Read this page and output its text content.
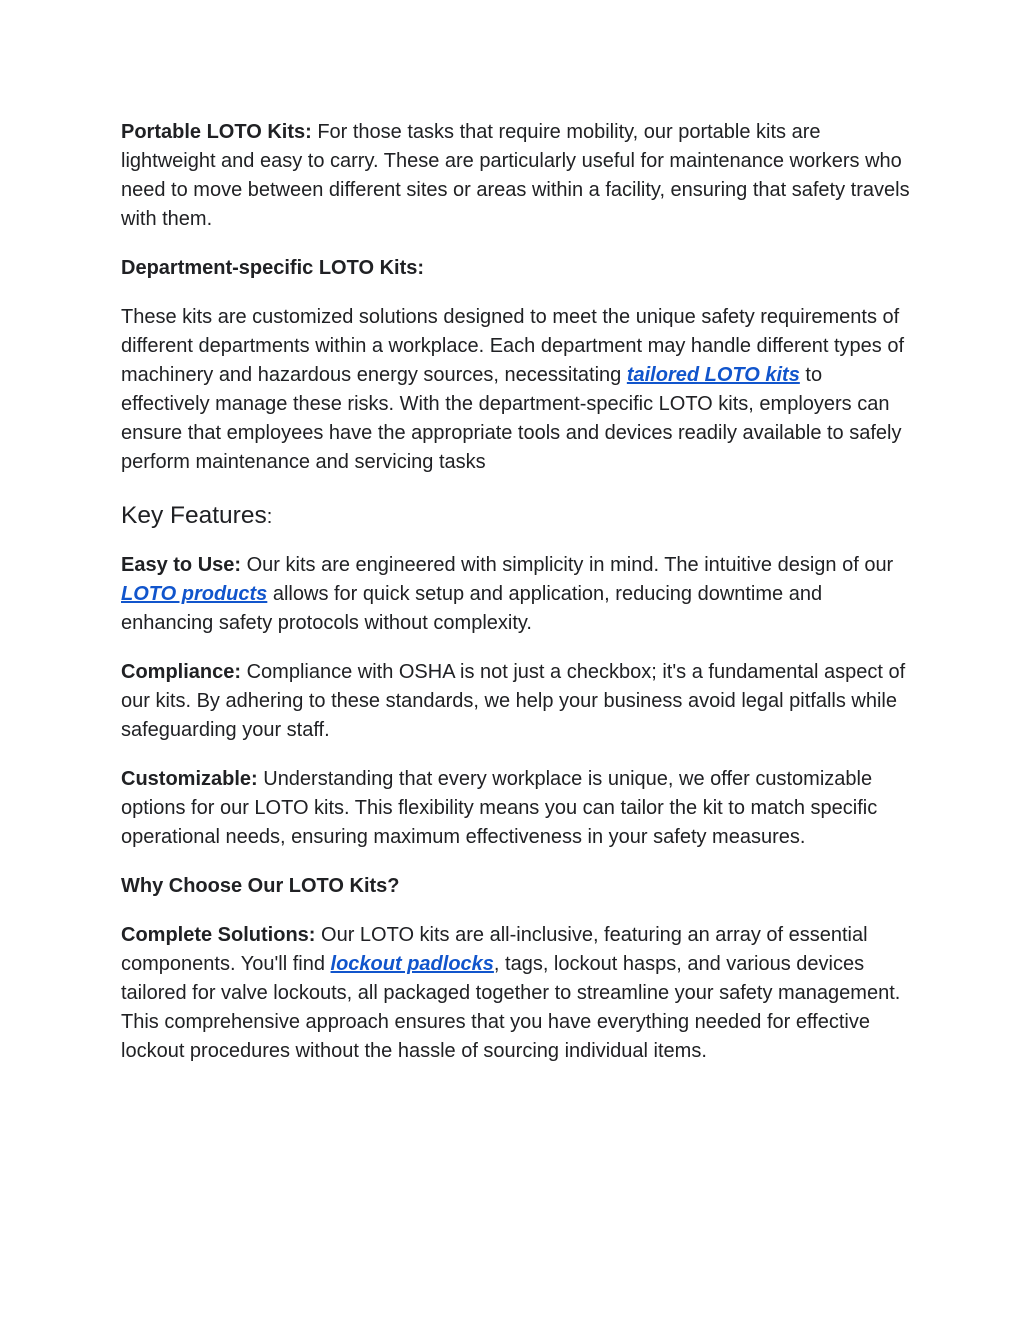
Portable LOTO Kits: For those tasks that require mobility, our portable kits are lightweight and easy to carry. These are particularly useful for maintenance workers who need to move between different sites or areas within a facility, ensuring that safety travels with them.

Department-specific LOTO Kits:

These kits are customized solutions designed to meet the unique safety requirements of different departments within a workplace. Each department may handle different types of machinery and hazardous energy sources, necessitating tailored LOTO kits to effectively manage these risks. With the department-specific LOTO kits, employers can ensure that employees have the appropriate tools and devices readily available to safely perform maintenance and servicing tasks

Key Features:

Easy to Use: Our kits are engineered with simplicity in mind. The intuitive design of our LOTO products allows for quick setup and application, reducing downtime and enhancing safety protocols without complexity.

Compliance: Compliance with OSHA is not just a checkbox; it's a fundamental aspect of our kits. By adhering to these standards, we help your business avoid legal pitfalls while safeguarding your staff.

Customizable: Understanding that every workplace is unique, we offer customizable options for our LOTO kits. This flexibility means you can tailor the kit to match specific operational needs, ensuring maximum effectiveness in your safety measures.

Why Choose Our LOTO Kits?

Complete Solutions: Our LOTO kits are all-inclusive, featuring an array of essential components. You'll find lockout padlocks, tags, lockout hasps, and various devices tailored for valve lockouts, all packaged together to streamline your safety management. This comprehensive approach ensures that you have everything needed for effective lockout procedures without the hassle of sourcing individual items.
